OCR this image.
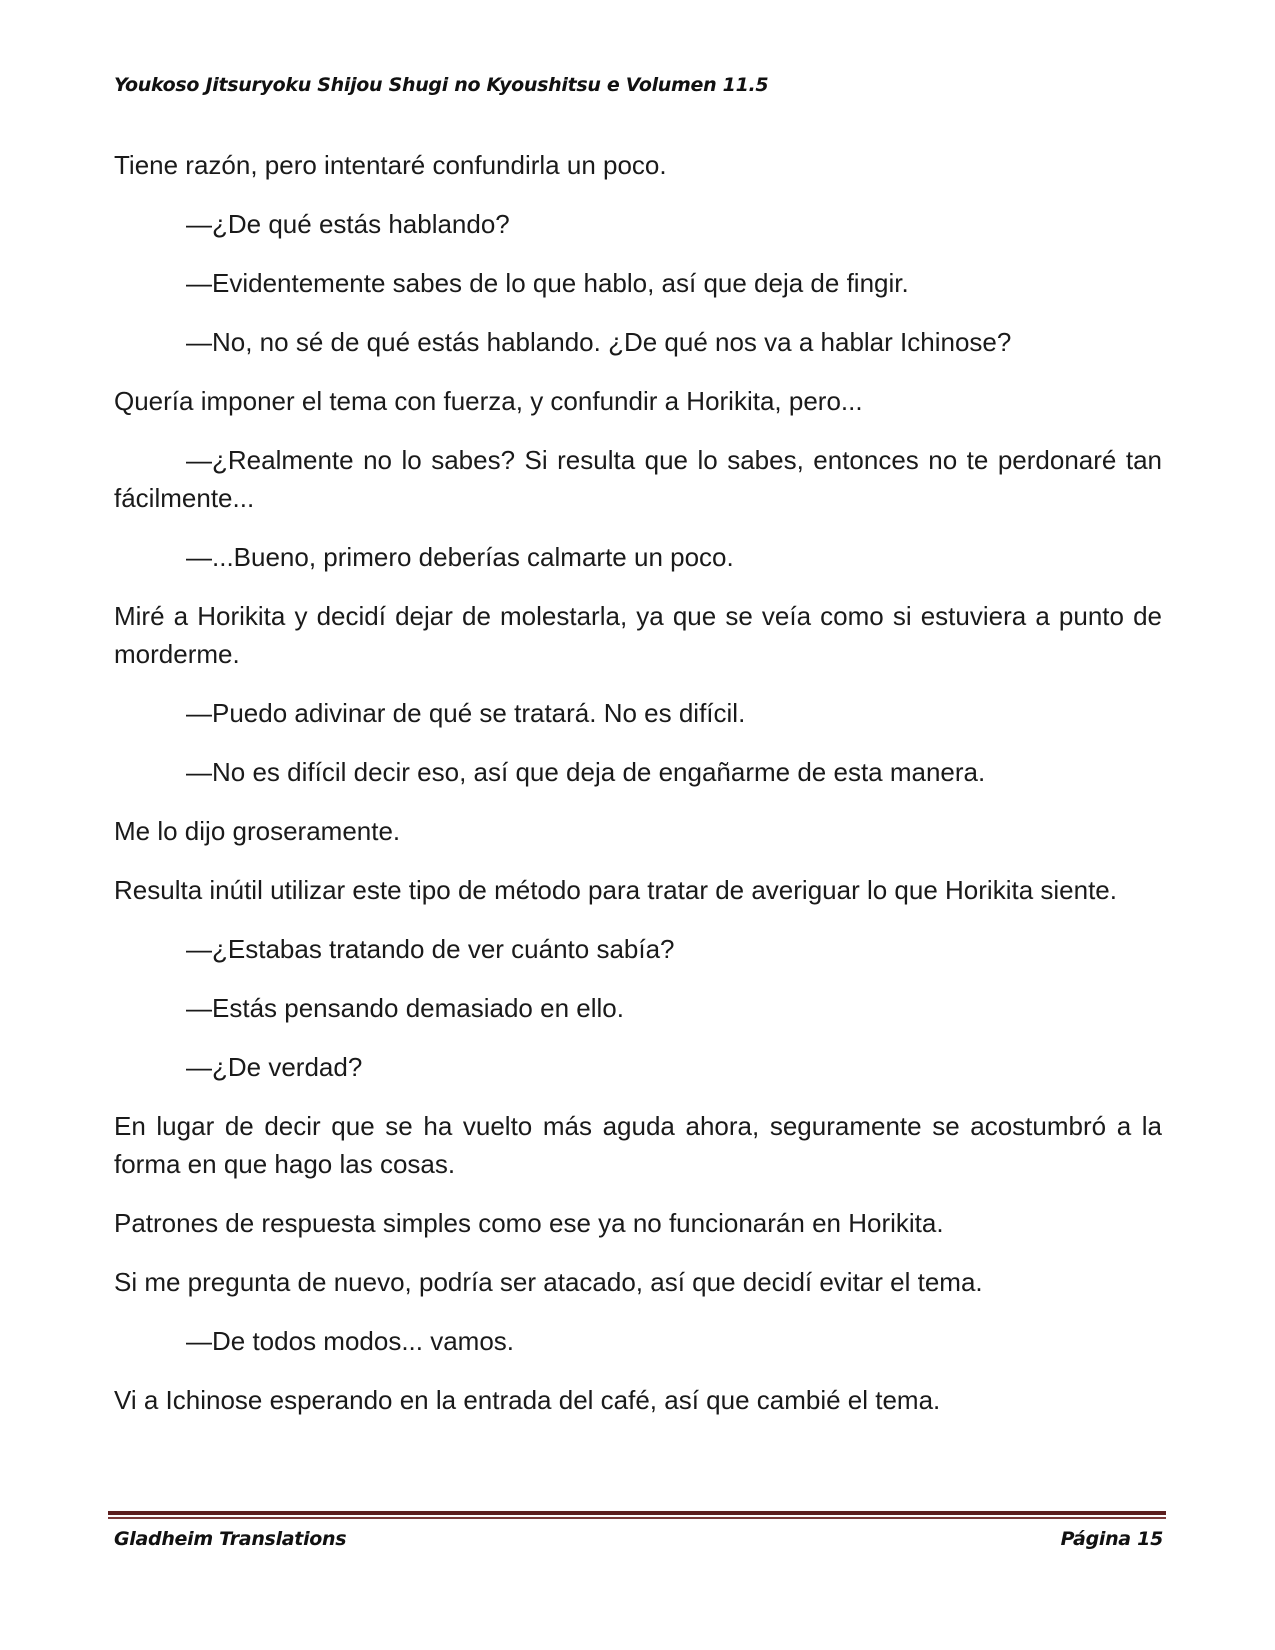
Youkoso Jitsuryoku Shijou Shugi no Kyoushitsu e Volumen 11.5

Tiene razón, pero intentaré confundirla un poco.

—¿De qué estás hablando?

—Evidentemente sabes de lo que hablo, así que deja de fingir.

—No, no sé de qué estás hablando. ¿De qué nos va a hablar Ichinose?

Quería imponer el tema con fuerza, y confundir a Horikita, pero...

—¿Realmente no lo sabes? Si resulta que lo sabes, entonces no te perdonaré tan fácilmente...

—...Bueno, primero deberías calmarte un poco.

Miré a Horikita y decidí dejar de molestarla, ya que se veía como si estuviera a punto de morderme.

—Puedo adivinar de qué se tratará. No es difícil.

—No es difícil decir eso, así que deja de engañarme de esta manera.

Me lo dijo groseramente.

Resulta inútil utilizar este tipo de método para tratar de averiguar lo que Horikita siente.

—¿Estabas tratando de ver cuánto sabía?

—Estás pensando demasiado en ello.

—¿De verdad?

En lugar de decir que se ha vuelto más aguda ahora, seguramente se acostumbró a la forma en que hago las cosas.

Patrones de respuesta simples como ese ya no funcionarán en Horikita.

Si me pregunta de nuevo, podría ser atacado, así que decidí evitar el tema.

—De todos modos... vamos.

Vi a Ichinose esperando en la entrada del café, así que cambié el tema.

Gladheim Translations	Página 15
